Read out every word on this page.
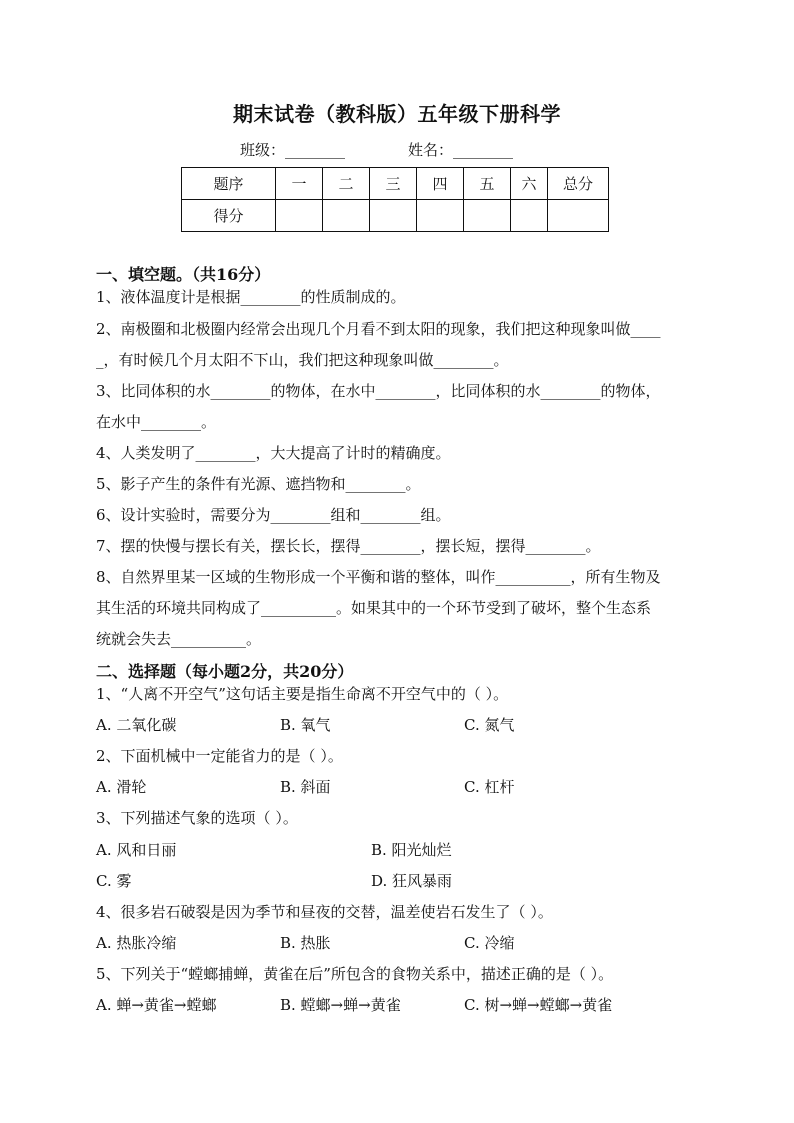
期末试卷（教科版）五年级下册科学
班级：________	姓名：________
题序	一	二	三	四	五	六	总分
得分							
一、填空题。（共16分）
1、液体温度计是根据________的性质制成的。
2、南极圈和北极圈内经常会出现几个月看不到太阳的现象，我们把这种现象叫做____
_，有时候几个月太阳不下山，我们把这种现象叫做________。
3、比同体积的水________的物体，在水中________，比同体积的水________的物体，
在水中________。
4、人类发明了________，大大提高了计时的精确度。
5、影子产生的条件有光源、遮挡物和________。
6、设计实验时，需要分为________组和________组。
7、摆的快慢与摆长有关，摆长长，摆得________，摆长短，摆得________。
8、自然界里某一区域的生物形成一个平衡和谐的整体，叫作__________，所有生物及
其生活的环境共同构成了__________。如果其中的一个环节受到了破坏，整个生态系
统就会失去__________。
二、选择题（每小题2分，共20分）
1、“人离不开空气”这句话主要是指生命离不开空气中的（ ）。
A. 二氧化碳	B. 氧气	C. 氮气
2、下面机械中一定能省力的是（ ）。
A. 滑轮	B. 斜面	C. 杠杆
3、下列描述气象的选项（ ）。
A. 风和日丽	B. 阳光灿烂
C. 雾	D. 狂风暴雨
4、很多岩石破裂是因为季节和昼夜的交替，温差使岩石发生了（ ）。
A. 热胀冷缩	B. 热胀	C. 冷缩
5、下列关于“螳螂捕蝉，黄雀在后”所包含的食物关系中，描述正确的是（ ）。
A. 蝉→黄雀→螳螂	B. 螳螂→蝉→黄雀	C. 树→蝉→螳螂→黄雀
